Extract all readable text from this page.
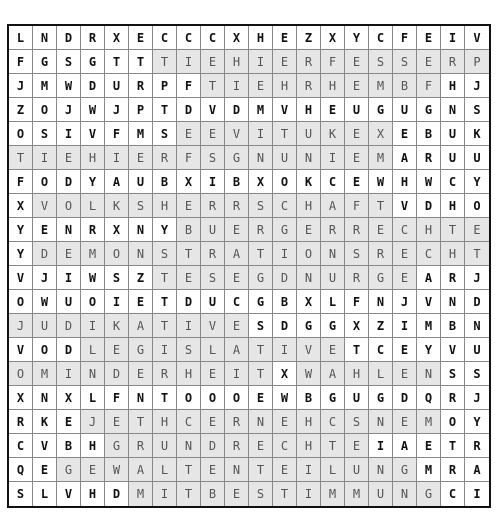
L	N	D	R	X	E	C	C	C	X	H	E	Z	X	Y	C	F	E	I	V
F	G	S	G	T	T	T	I	E	H	I	E	R	F	E	S	S	E	R	P
J	M	W	D	U	R	P	F	T	I	E	H	R	H	E	M	B	F	H	J
Z	O	J	W	J	P	T	D	V	D	M	V	H	E	U	G	U	G	N	S
O	S	I	V	F	M	S	E	E	V	I	T	U	K	E	X	E	B	U	K
T	I	E	H	I	E	R	F	S	G	N	U	N	I	E	M	A	R	U	U
F	O	D	Y	A	U	B	X	I	B	X	O	K	C	E	W	H	W	C	Y
X	V	O	L	K	S	H	E	R	R	S	C	H	A	F	T	V	D	H	O
Y	E	N	R	X	N	Y	B	U	E	R	G	E	R	R	E	C	H	T	E
Y	D	E	M	O	N	S	T	R	A	T	I	O	N	S	R	E	C	H	T
V	J	I	W	S	Z	T	E	S	E	G	D	N	U	R	G	E	A	R	J
O	W	U	O	I	E	T	D	U	C	G	B	X	L	F	N	J	V	N	D
J	U	D	I	K	A	T	I	V	E	S	D	G	G	X	Z	I	M	B	N
V	O	D	L	E	G	I	S	L	A	T	I	V	E	T	C	E	Y	V	U
O	M	I	N	D	E	R	H	E	I	T	X	W	A	H	L	E	N	S	S
X	N	X	L	F	N	T	O	O	O	E	W	B	G	U	G	D	Q	R	J
R	K	E	J	E	T	H	C	E	R	N	E	H	C	S	N	E	M	O	Y
C	V	B	H	G	R	U	N	D	R	E	C	H	T	E	I	A	E	T	R
Q	E	G	E	W	A	L	T	E	N	T	E	I	L	U	N	G	M	R	A
S	L	V	H	D	M	I	T	B	E	S	T	I	M	M	U	N	G	C	I
